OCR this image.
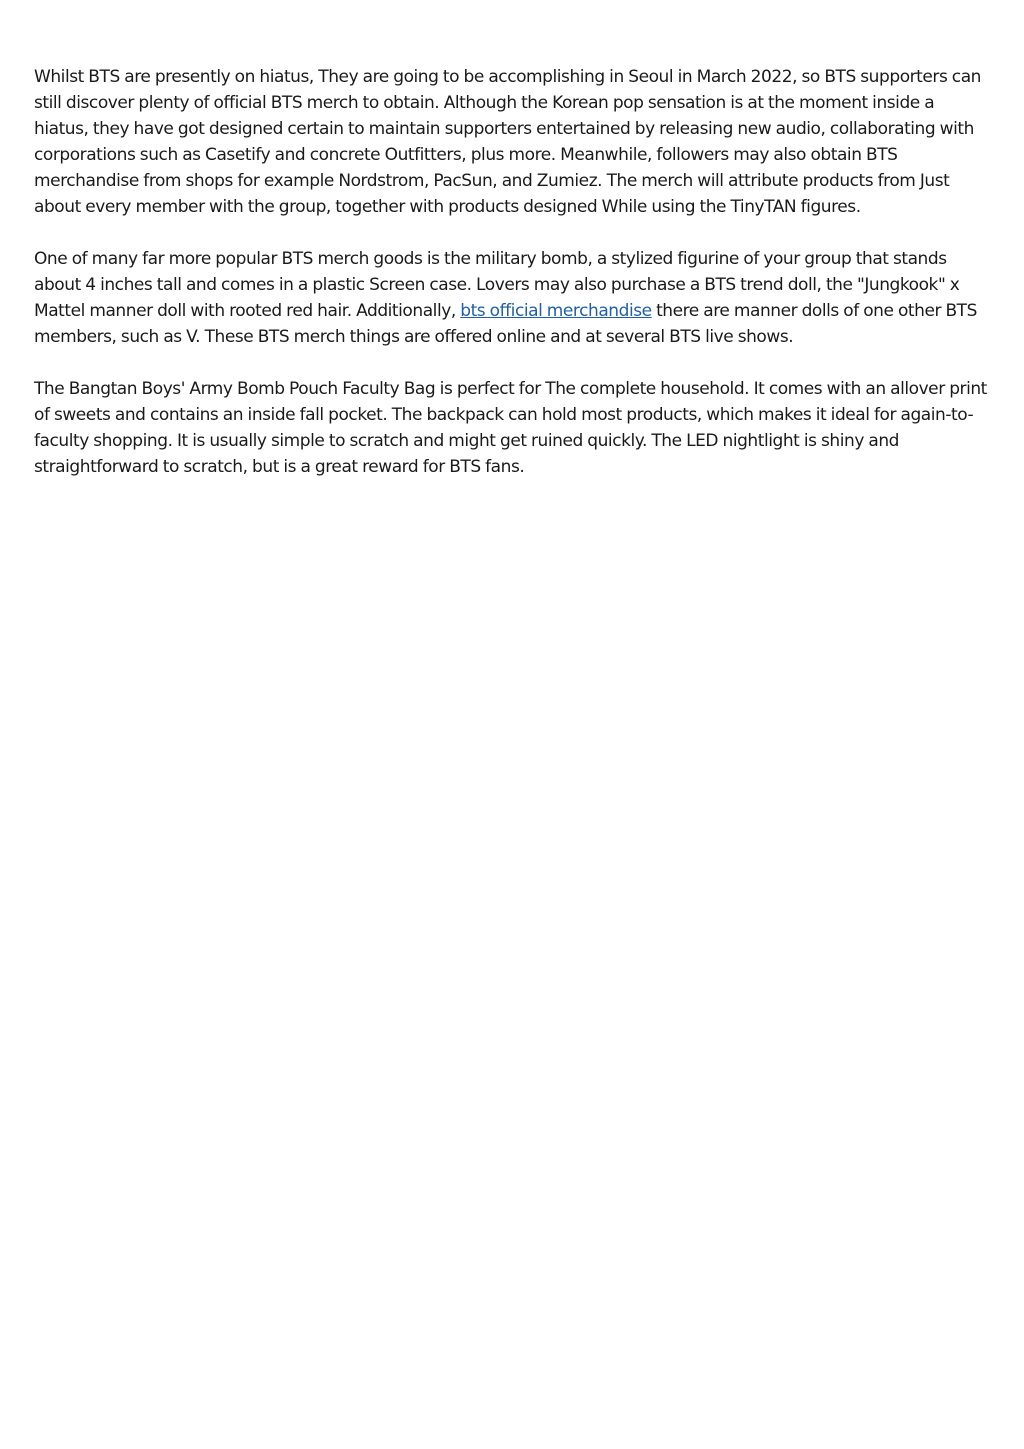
Whilst BTS are presently on hiatus, They are going to be accomplishing in Seoul in March 2022, so BTS supporters can still discover plenty of official BTS merch to obtain. Although the Korean pop sensation is at the moment inside a hiatus, they have got designed certain to maintain supporters entertained by releasing new audio, collaborating with corporations such as Casetify and concrete Outfitters, plus more. Meanwhile, followers may also obtain BTS merchandise from shops for example Nordstrom, PacSun, and Zumiez. The merch will attribute products from Just about every member with the group, together with products designed While using the TinyTAN figures.

One of many far more popular BTS merch goods is the military bomb, a stylized figurine of your group that stands about 4 inches tall and comes in a plastic Screen case. Lovers may also purchase a BTS trend doll, the "Jungkook" x Mattel manner doll with rooted red hair. Additionally, bts official merchandise there are manner dolls of one other BTS members, such as V. These BTS merch things are offered online and at several BTS live shows.

The Bangtan Boys' Army Bomb Pouch Faculty Bag is perfect for The complete household. It comes with an allover print of sweets and contains an inside fall pocket. The backpack can hold most products, which makes it ideal for again-to-faculty shopping. It is usually simple to scratch and might get ruined quickly. The LED nightlight is shiny and straightforward to scratch, but is a great reward for BTS fans.
